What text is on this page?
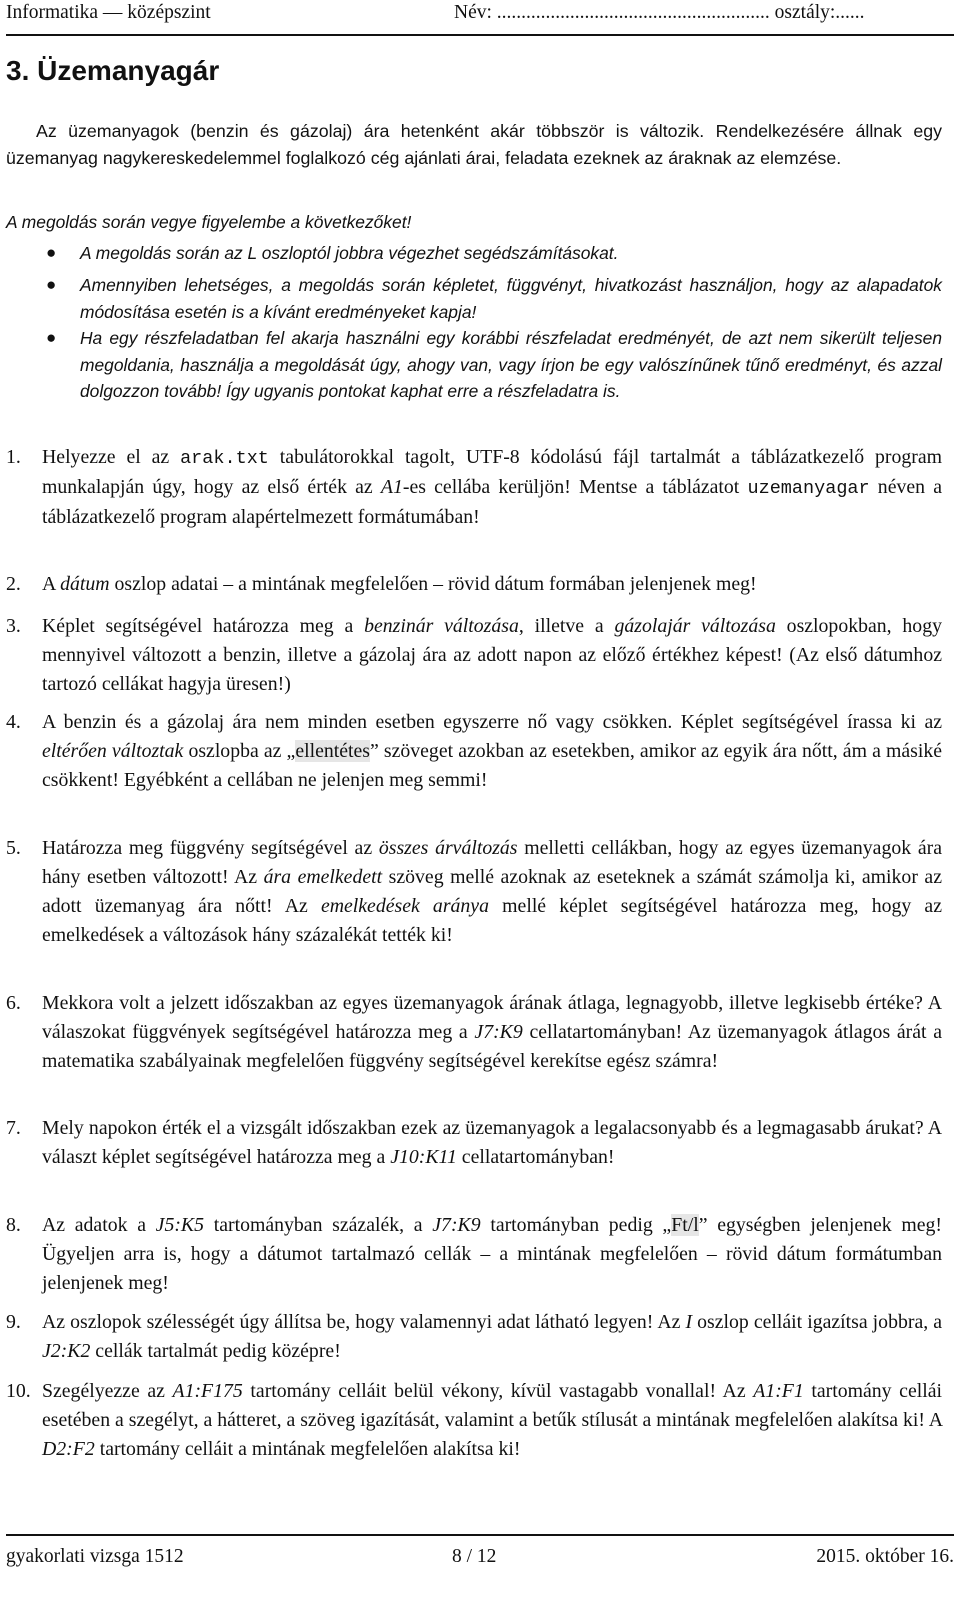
Informatika — középszint	Név: ........................................................ osztály:......
3. Üzemanyagár

Az üzemanyagok (benzin és gázolaj) ára hetenként akár többször is változik. Rendelkezésére állnak egy üzemanyag nagykereskedelemmel foglalkozó cég ajánlati árai, feladata ezeknek az áraknak az elemzése.

A megoldás során vegye figyelembe a következőket!
● A megoldás során az L oszloptól jobbra végezhet segédszámításokat.
● Amennyiben lehetséges, a megoldás során képletet, függvényt, hivatkozást használjon, hogy az alapadatok módosítása esetén is a kívánt eredményeket kapja!
● Ha egy részfeladatban fel akarja használni egy korábbi részfeladat eredményét, de azt nem sikerült teljesen megoldania, használja a megoldását úgy, ahogy van, vagy írjon be egy valószínűnek tűnő eredményt, és azzal dolgozzon tovább! Így ugyanis pontokat kaphat erre a részfeladatra is.
1. Helyezze el az arak.txt tabulátorokkal tagolt, UTF-8 kódolású fájl tartalmát a táblázatkezelő program munkalapján úgy, hogy az első érték az A1-es cellába kerüljön! Mentse a táblázatot uzemanyagar néven a táblázatkezelő program alapértelmezett formátumában!
2. A dátum oszlop adatai – a mintának megfelelően – rövid dátum formában jelenjenek meg!
3. Képlet segítségével határozza meg a benzinár változása, illetve a gázolajár változása oszlopokban, hogy mennyivel változott a benzin, illetve a gázolaj ára az adott napon az előző értékhez képest! (Az első dátumhoz tartozó cellákat hagyja üresen!)
4. A benzin és a gázolaj ára nem minden esetben egyszerre nő vagy csökken. Képlet segítségével írassa ki az eltérően változtak oszlopba az „ellentétes” szöveget azokban az esetekben, amikor az egyik ára nőtt, ám a másiké csökkent! Egyébként a cellában ne jelenjen meg semmi!
5. Határozza meg függvény segítségével az összes árváltozás melletti cellákban, hogy az egyes üzemanyagok ára hány esetben változott! Az ára emelkedett szöveg mellé azoknak az eseteknek a számát számolja ki, amikor az adott üzemanyag ára nőtt! Az emelkedések aránya mellé képlet segítségével határozza meg, hogy az emelkedések a változások hány százalékát tették ki!
6. Mekkora volt a jelzett időszakban az egyes üzemanyagok árának átlaga, legnagyobb, illetve legkisebb értéke? A válaszokat függvények segítségével határozza meg a J7:K9 cellatartományban! Az üzemanyagok átlagos árát a matematika szabályainak megfelelően függvény segítségével kerekítse egész számra!
7. Mely napokon érték el a vizsgált időszakban ezek az üzemanyagok a legalacsonyabb és a legmagasabb árukat? A választ képlet segítségével határozza meg a J10:K11 cellatartományban!
8. Az adatok a J5:K5 tartományban százalék, a J7:K9 tartományban pedig „Ft/l” egységben jelenjenek meg! Ügyeljen arra is, hogy a dátumot tartalmazó cellák – a mintának megfelelően – rövid dátum formátumban jelenjenek meg!
9. Az oszlopok szélességét úgy állítsa be, hogy valamennyi adat látható legyen! Az I oszlop celláit igazítsa jobbra, a J2:K2 cellák tartalmát pedig középre!
10. Szegélyezze az A1:F175 tartomány celláit belül vékony, kívül vastagabb vonallal! Az A1:F1 tartomány cellái esetében a szegélyt, a hátteret, a szöveg igazítását, valamint a betűk stílusát a mintának megfelelően alakítsa ki! A D2:F2 tartomány celláit a mintának megfelelően alakítsa ki!
gyakorlati vizsga 1512	8 / 12	2015. október 16.
